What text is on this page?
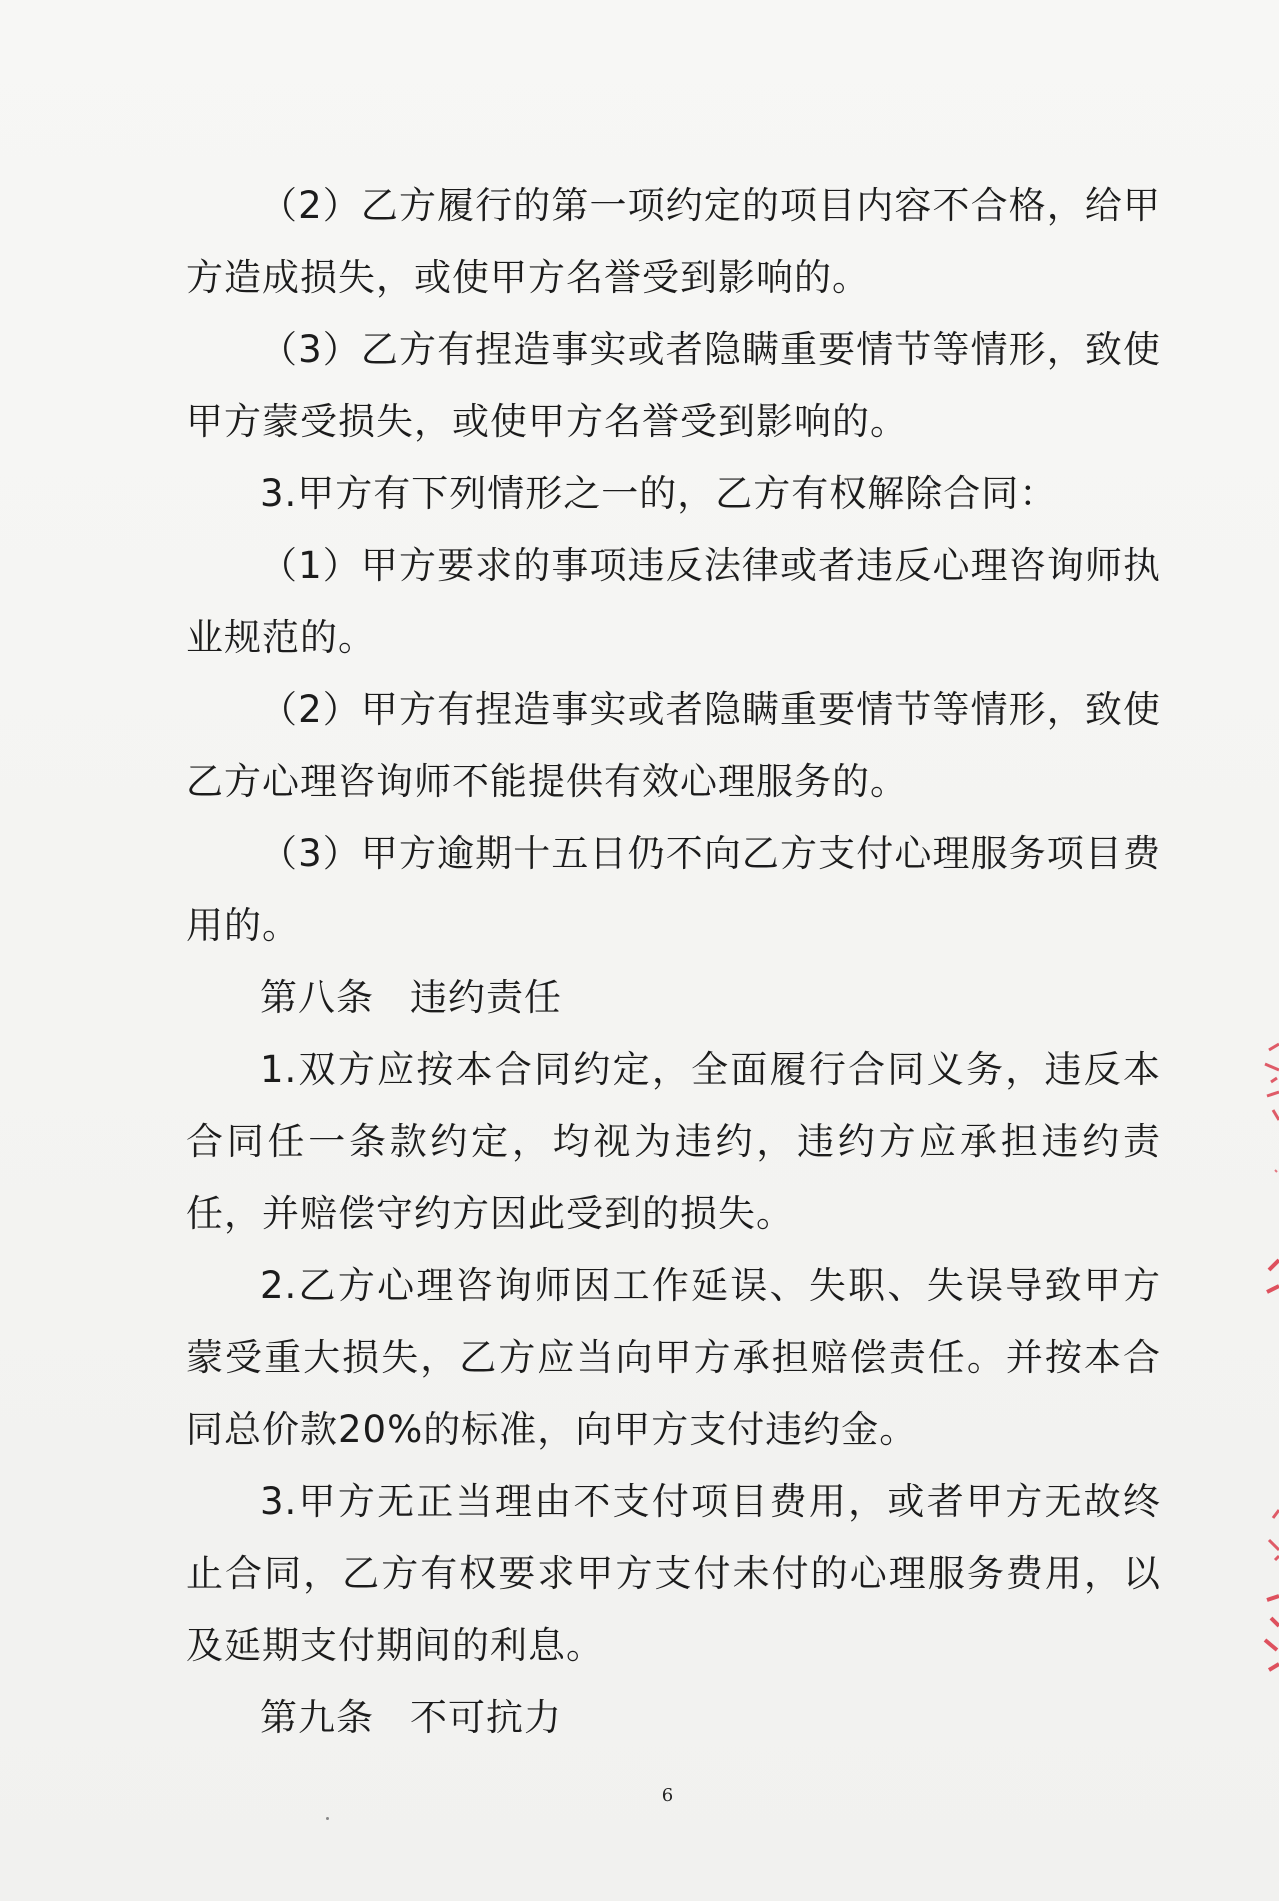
（2）乙方履行的第一项约定的项目内容不合格，给甲方造成损失，或使甲方名誉受到影响的。

（3）乙方有捏造事实或者隐瞒重要情节等情形，致使甲方蒙受损失，或使甲方名誉受到影响的。

3.甲方有下列情形之一的，乙方有权解除合同：

（1）甲方要求的事项违反法律或者违反心理咨询师执业规范的。

（2）甲方有捏造事实或者隐瞒重要情节等情形，致使乙方心理咨询师不能提供有效心理服务的。

（3）甲方逾期十五日仍不向乙方支付心理服务项目费用的。

第八条 违约责任

1.双方应按本合同约定，全面履行合同义务，违反本合同任一条款约定，均视为违约，违约方应承担违约责任，并赔偿守约方因此受到的损失。

2.乙方心理咨询师因工作延误、失职、失误导致甲方蒙受重大损失，乙方应当向甲方承担赔偿责任。并按本合同总价款20%的标准，向甲方支付违约金。

3.甲方无正当理由不支付项目费用，或者甲方无故终止合同，乙方有权要求甲方支付未付的心理服务费用，以及延期支付期间的利息。

第九条 不可抗力

6
